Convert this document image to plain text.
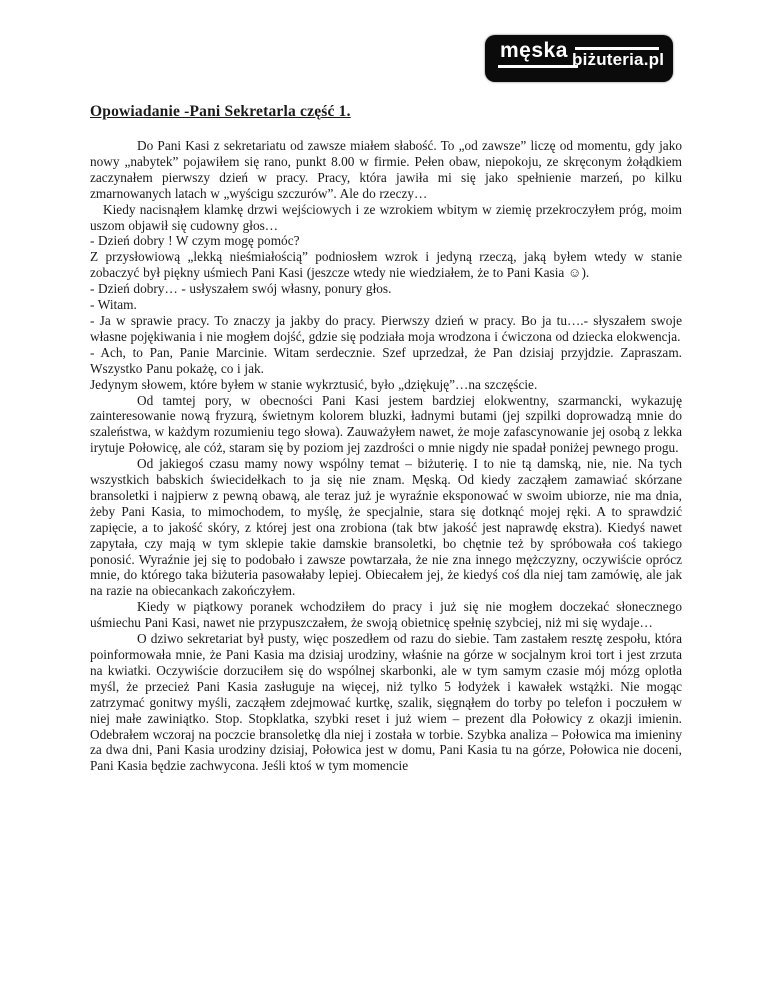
męska biżuteria.pl
Opowiadanie -Pani Sekretarla część 1.

Do Pani Kasi z sekretariatu od zawsze miałem słabość. To „od zawsze” liczę od momentu, gdy jako nowy „nabytek” pojawiłem się rano, punkt 8.00 w firmie. Pełen obaw, niepokoju, ze skręconym żołądkiem zaczynałem pierwszy dzień w pracy. Pracy, która jawiła mi się jako spełnienie marzeń, po kilku zmarnowanych latach w „wyścigu szczurów”. Ale do rzeczy…

Kiedy nacisnąłem klamkę drzwi wejściowych i ze wzrokiem wbitym w ziemię przekroczyłem próg, moim uszom objawił się cudowny głos…

- Dzień dobry ! W czym mogę pomóc?

Z przysłowiową „lekką nieśmiałością” podniosłem wzrok i jedyną rzeczą, jaką byłem wtedy w stanie zobaczyć był piękny uśmiech Pani Kasi (jeszcze wtedy nie wiedziałem, że to Pani Kasia ☺).

- Dzień dobry… - usłyszałem swój własny, ponury głos.

- Witam.

- Ja w sprawie pracy. To znaczy ja jakby do pracy. Pierwszy dzień w pracy. Bo ja tu….- słyszałem swoje własne pojękiwania i nie mogłem dojść, gdzie się podziała moja wrodzona i ćwiczona od dziecka elokwencja.

- Ach, to Pan, Panie Marcinie. Witam serdecznie. Szef uprzedzał, że Pan dzisiaj przyjdzie. Zapraszam. Wszystko Panu pokażę, co i jak.

Jedynym słowem, które byłem w stanie wykrztusić, było „dziękuję”…na szczęście.

Od tamtej pory, w obecności Pani Kasi jestem bardziej elokwentny, szarmancki, wykazuję zainteresowanie nową fryzurą, świetnym kolorem bluzki, ładnymi butami (jej szpilki doprowadzą mnie do szaleństwa, w każdym rozumieniu tego słowa). Zauważyłem nawet, że moje zafascynowanie jej osobą z lekka irytuje Połowicę, ale cóż, staram się by poziom jej zazdrości o mnie nigdy nie spadał poniżej pewnego progu.

Od jakiegoś czasu mamy nowy wspólny temat – biżuterię. I to nie tą damską, nie, nie. Na tych wszystkich babskich świecidełkach to ja się nie znam. Męską. Od kiedy zacząłem zamawiać skórzane bransoletki i najpierw z pewną obawą, ale teraz już je wyraźnie eksponować w swoim ubiorze, nie ma dnia, żeby Pani Kasia, to mimochodem, to myślę, że specjalnie, stara się dotknąć mojej ręki. A to sprawdzić zapięcie, a to jakość skóry, z której jest ona zrobiona (tak btw jakość jest naprawdę ekstra). Kiedyś nawet zapytała, czy mają w tym sklepie takie damskie bransoletki, bo chętnie też by spróbowała coś takiego ponosić. Wyraźnie jej się to podobało i zawsze powtarzała, że nie zna innego mężczyzny, oczywiście oprócz mnie, do którego taka biżuteria pasowałaby lepiej. Obiecałem jej, że kiedyś coś dla niej tam zamówię, ale jak na razie na obiecankach zakończyłem.

Kiedy w piątkowy poranek wchodziłem do pracy i już się nie mogłem doczekać słonecznego uśmiechu Pani Kasi, nawet nie przypuszczałem, że swoją obietnicę spełnię szybciej, niż mi się wydaje…

O dziwo sekretariat był pusty, więc poszedłem od razu do siebie. Tam zastałem resztę zespołu, która poinformowała mnie, że Pani Kasia ma dzisiaj urodziny, właśnie na górze w socjalnym kroi tort i jest zrzuta na kwiatki. Oczywiście dorzuciłem się do wspólnej skarbonki, ale w tym samym czasie mój mózg oplotła myśl, że przecież Pani Kasia zasługuje na więcej, niż tylko 5 łodyżek i kawałek wstążki. Nie mogąc zatrzymać gonitwy myśli, zacząłem zdejmować kurtkę, szalik, sięgnąłem do torby po telefon i poczułem w niej małe zawiniątko. Stop. Stopklatka, szybki reset i już wiem – prezent dla Połowicy z okazji imienin. Odebrałem wczoraj na poczcie bransoletkę dla niej i została w torbie. Szybka analiza – Połowica ma imieniny za dwa dni, Pani Kasia urodziny dzisiaj, Połowica jest w domu, Pani Kasia tu na górze, Połowica nie doceni, Pani Kasia będzie zachwycona. Jeśli ktoś w tym momencie
